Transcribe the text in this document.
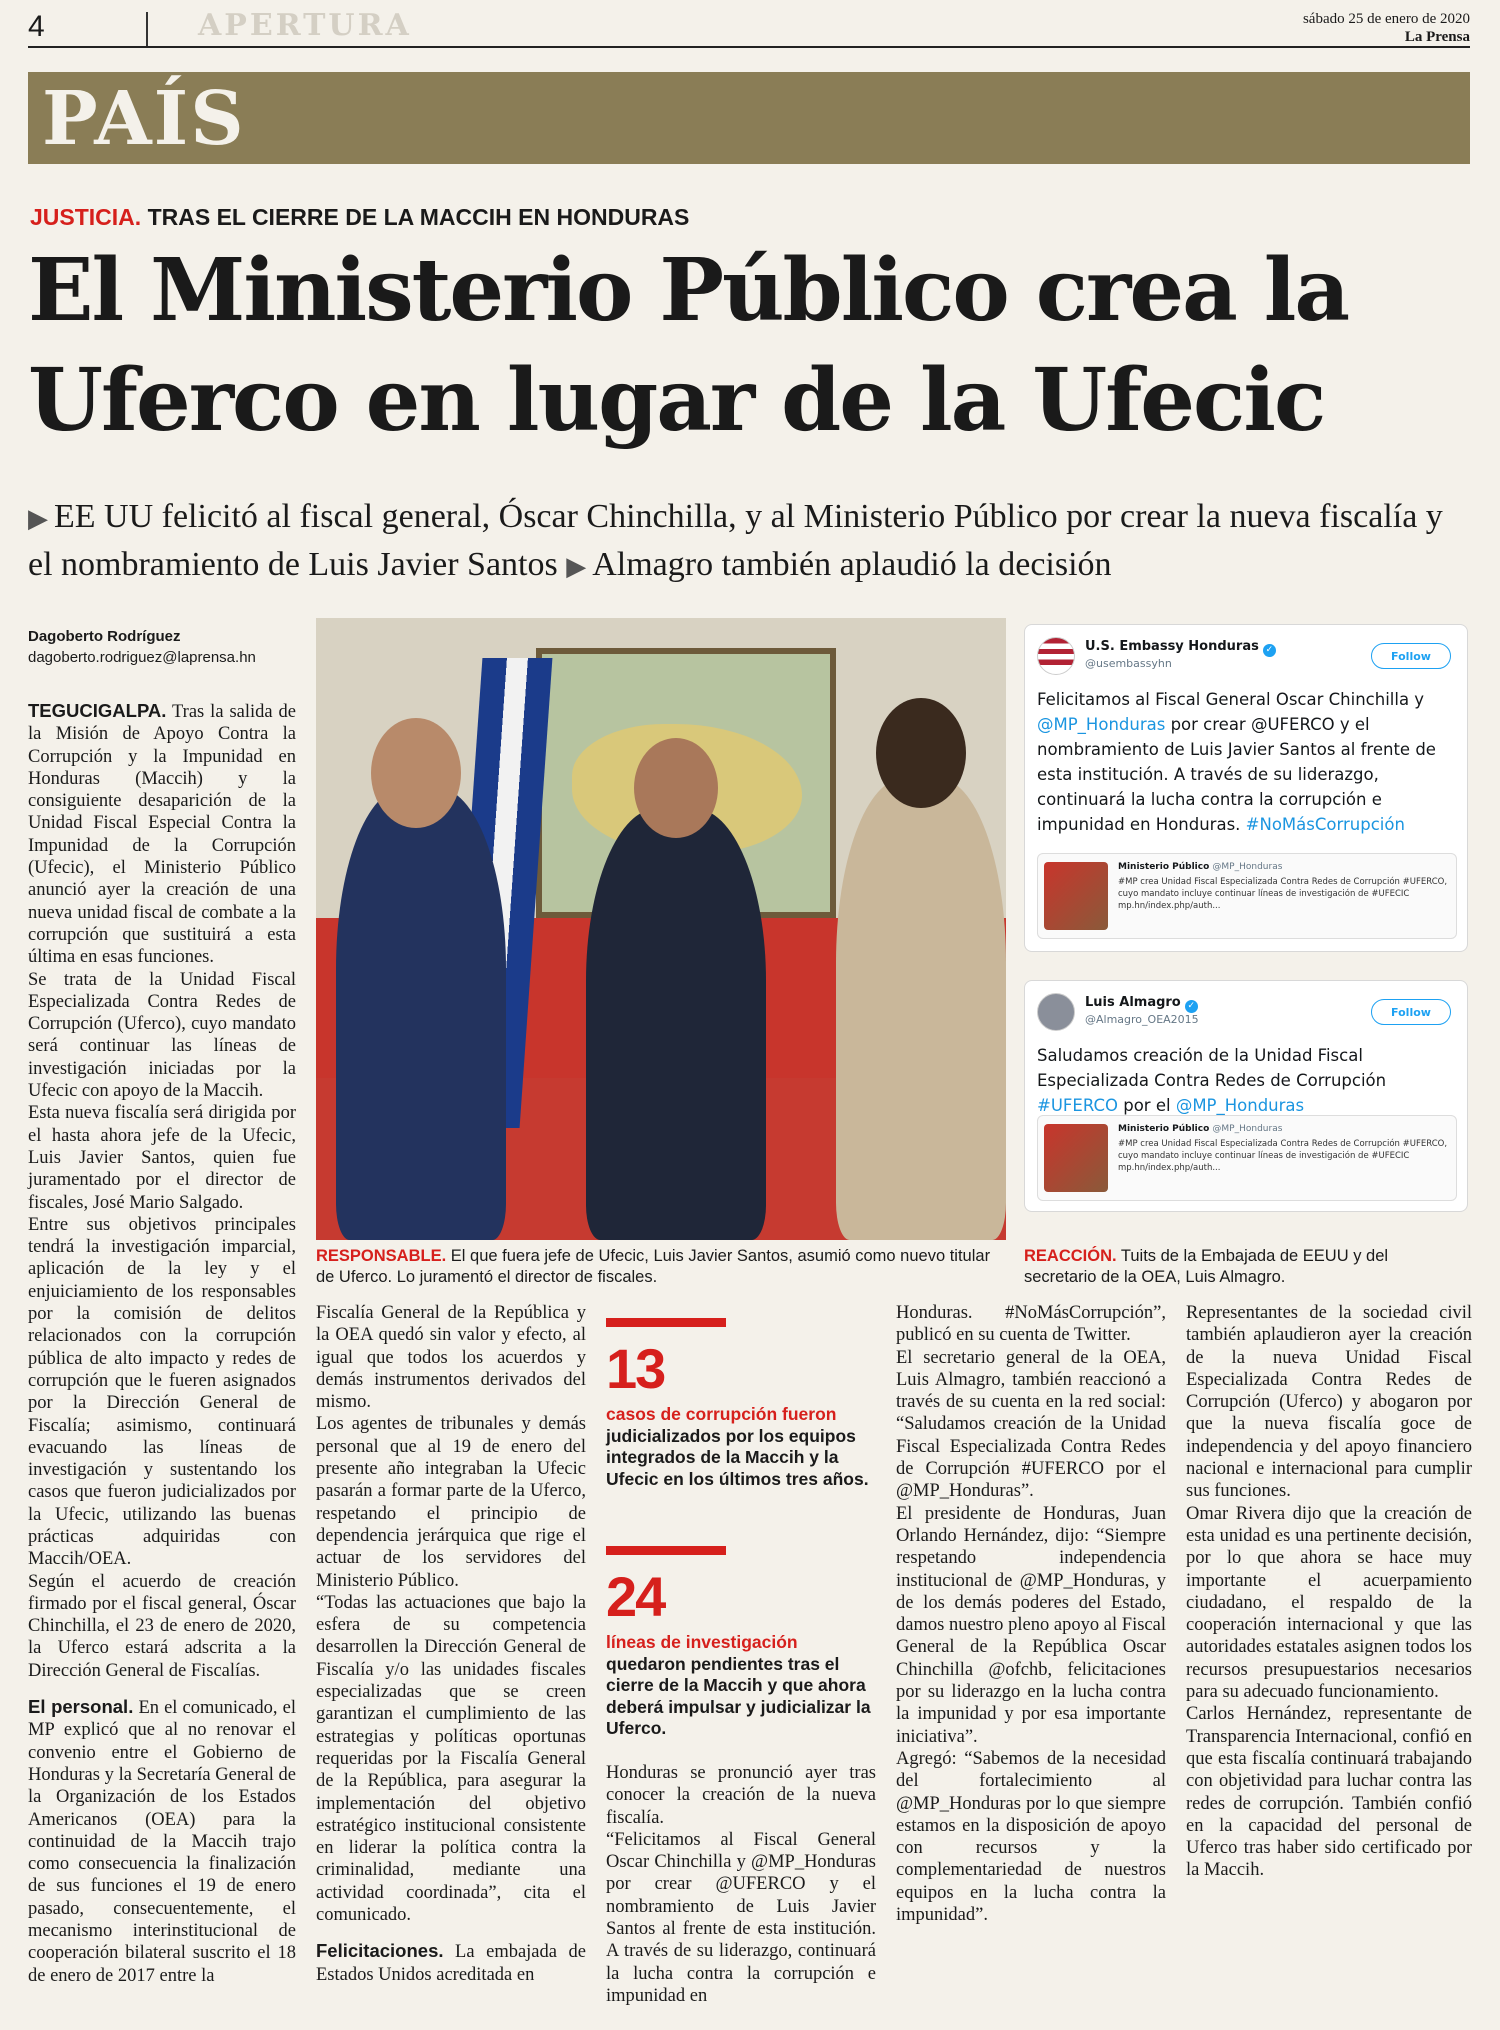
4	APERTURA	sábado 25 de enero de 2020
La Prensa
PAÍS
JUSTICIA. TRAS EL CIERRE DE LA MACCIH EN HONDURAS
El Ministerio Público crea la
Uferco en lugar de la Ufecic
▶ EE UU felicitó al fiscal general, Óscar Chinchilla, y al Ministerio Público por crear la nueva fiscalía y el nombramiento de Luis Javier Santos ▶ Almagro también aplaudió la decisión
Dagoberto Rodríguez
dagoberto.rodriguez@laprensa.hn

TEGUCIGALPA. Tras la salida de la Misión de Apoyo Contra la Corrupción y la Impunidad en Honduras (Maccih) y la consiguiente desaparición de la Unidad Fiscal Especial Contra la Impunidad de la Corrupción (Ufecic), el Ministerio Público anunció ayer la creación de una nueva unidad fiscal de combate a la corrupción que sustituirá a esta última en esas funciones.

Se trata de la Unidad Fiscal Especializada Contra Redes de Corrupción (Uferco), cuyo mandato será continuar las líneas de investigación iniciadas por la Ufecic con apoyo de la Maccih.

Esta nueva fiscalía será dirigida por el hasta ahora jefe de la Ufecic, Luis Javier Santos, quien fue juramentado por el director de fiscales, José Mario Salgado.

Entre sus objetivos principales tendrá la investigación imparcial, aplicación de la ley y el enjuiciamiento de los responsables por la comisión de delitos relacionados con la corrupción pública de alto impacto y redes de corrupción que le fueren asignados por la Dirección General de Fiscalía; asimismo, continuará evacuando las líneas de investigación y sustentando los casos que fueron judicializados por la Ufecic, utilizando las buenas prácticas adquiridas con Maccih/OEA.

Según el acuerdo de creación firmado por el fiscal general, Óscar Chinchilla, el 23 de enero de 2020, la Uferco estará adscrita a la Dirección General de Fiscalías.

El personal. En el comunicado, el MP explicó que al no renovar el convenio entre el Gobierno de Honduras y la Secretaría General de la Organización de los Estados Americanos (OEA) para la continuidad de la Maccih trajo como consecuencia la finalización de sus funciones el 19 de enero pasado, consecuentemente, el mecanismo interinstitucional de cooperación bilateral suscrito el 18 de enero de 2017 entre la

U.S. Embassy Honduras ✓
@usembassyhn
Follow
Felicitamos al Fiscal General Oscar Chinchilla y @MP_Honduras por crear @UFERCO y el nombramiento de Luis Javier Santos al frente de esta institución. A través de su liderazgo, continuará la lucha contra la corrupción e impunidad en Honduras. #NoMásCorrupción
Ministerio Público @MP_Honduras
#MP crea Unidad Fiscal Especializada Contra Redes de Corrupción #UFERCO, cuyo mandato incluye continuar líneas de investigación de #UFECIC mp.hn/index.php/auth...
Luis Almagro ✓
@Almagro_OEA2015
Follow
Saludamos creación de la Unidad Fiscal Especializada Contra Redes de Corrupción #UFERCO por el @MP_Honduras
Ministerio Público @MP_Honduras
#MP crea Unidad Fiscal Especializada Contra Redes de Corrupción #UFERCO, cuyo mandato incluye continuar líneas de investigación de #UFECIC mp.hn/index.php/auth...
RESPONSABLE. El que fuera jefe de Ufecic, Luis Javier Santos, asumió como nuevo titular de Uferco. Lo juramentó el director de fiscales.
REACCIÓN. Tuits de la Embajada de EEUU y del secretario de la OEA, Luis Almagro.

Fiscalía General de la República y la OEA quedó sin valor y efecto, al igual que todos los acuerdos y demás instrumentos derivados del mismo.

Los agentes de tribunales y demás personal que al 19 de enero del presente año integraban la Ufecic pasarán a formar parte de la Uferco, respetando el principio de dependencia jerárquica que rige el actuar de los servidores del Ministerio Público.

“Todas las actuaciones que bajo la esfera de su competencia desarrollen la Dirección General de Fiscalía y/o las unidades fiscales especializadas que se creen garantizan el cumplimiento de las estrategias y políticas oportunas requeridas por la Fiscalía General de la República, para asegurar la implementación del objetivo estratégico institucional consistente en liderar la política contra la criminalidad, mediante una actividad coordinada”, cita el comunicado.

Felicitaciones. La embajada de Estados Unidos acreditada en

13
casos de corrupción fueron judicializados por los equipos integrados de la Maccih y la Ufecic en los últimos tres años.
24
líneas de investigación quedaron pendientes tras el cierre de la Maccih y que ahora deberá impulsar y judicializar la Uferco.

Honduras se pronunció ayer tras conocer la creación de la nueva fiscalía.

“Felicitamos al Fiscal General Oscar Chinchilla y @MP_Honduras por crear @UFERCO y el nombramiento de Luis Javier Santos al frente de esta institución. A través de su liderazgo, continuará la lucha contra la corrupción e impunidad en

Honduras. #NoMásCorrupción”, publicó en su cuenta de Twitter.

El secretario general de la OEA, Luis Almagro, también reaccionó a través de su cuenta en la red social: “Saludamos creación de la Unidad Fiscal Especializada Contra Redes de Corrupción #UFERCO por el @MP_Honduras”.

El presidente de Honduras, Juan Orlando Hernández, dijo: “Siempre respetando independencia institucional de @MP_Honduras, y de los demás poderes del Estado, damos nuestro pleno apoyo al Fiscal General de la República Oscar Chinchilla @ofchb, felicitaciones por su liderazgo en la lucha contra la impunidad y por esa importante iniciativa”.

Agregó: “Sabemos de la necesidad del fortalecimiento al @MP_Honduras por lo que siempre estamos en la disposición de apoyo con recursos y la complementariedad de nuestros equipos en la lucha contra la impunidad”.

Representantes de la sociedad civil también aplaudieron ayer la creación de la nueva Unidad Fiscal Especializada Contra Redes de Corrupción (Uferco) y abogaron por que la nueva fiscalía goce de independencia y del apoyo financiero nacional e internacional para cumplir sus funciones.

Omar Rivera dijo que la creación de esta unidad es una pertinente decisión, por lo que ahora se hace muy importante el acuerpamiento ciudadano, el respaldo de la cooperación internacional y que las autoridades estatales asignen todos los recursos presupuestarios necesarios para su adecuado funcionamiento.

Carlos Hernández, representante de Transparencia Internacional, confió en que esta fiscalía continuará trabajando con objetividad para luchar contra las redes de corrupción. También confió en la capacidad del personal de Uferco tras haber sido certificado por la Maccih.
